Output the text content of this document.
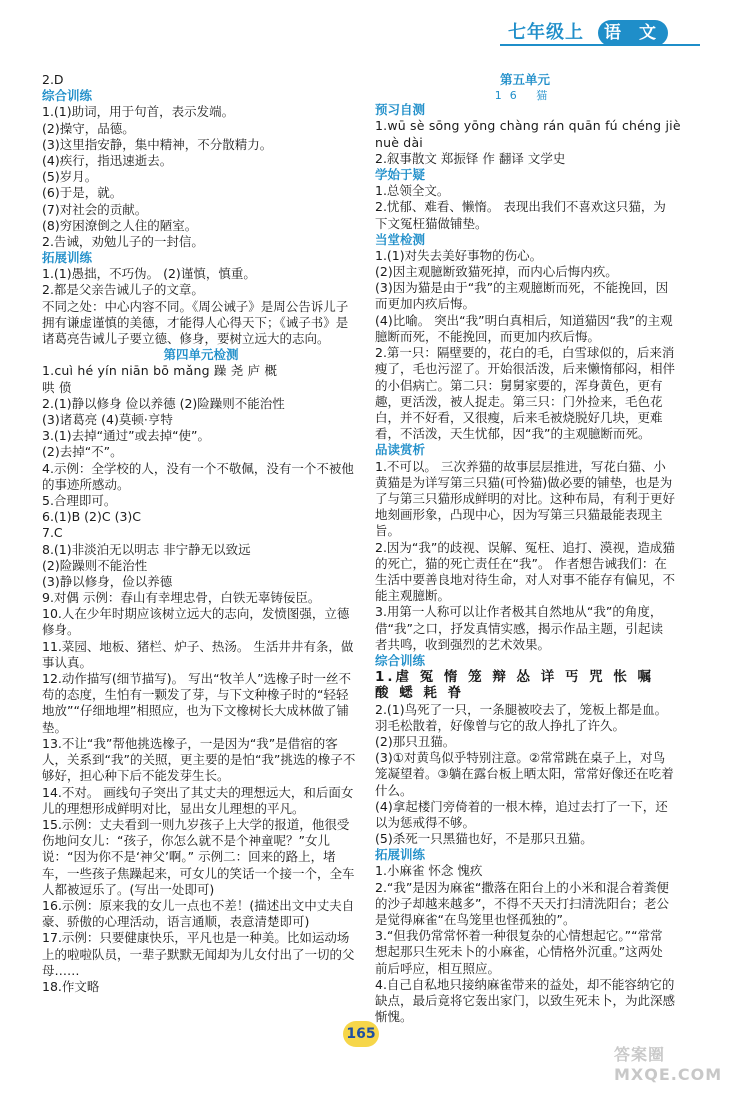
七年级上	语 文
2.D
综合训练
1.(1)助词，用于句首，表示发端。
(2)操守，品德。
(3)这里指安静，集中精神，不分散精力。
(4)疾行，指迅速逝去。
(5)岁月。
(6)于是，就。
(7)对社会的贡献。
(8)穷困潦倒之人住的陋室。
2.告诫，劝勉儿子的一封信。
拓展训练
1.(1)愚拙，不巧伪。 (2)谨慎，慎重。
2.都是父亲告诫儿子的文章。
不同之处：中心内容不同。《周公诫子》是周公告诉儿子拥有谦虚谨慎的美德，才能得人心得天下；《诫子书》是诸葛亮告诫儿子要立德、修身，要树立远大的志向。
第四单元检测
1.cuì hé yín niān bō mǎng 躁 尧 庐 概
哄 偾
2.(1)静以修身 俭以养德 (2)险躁则不能治性
(3)诸葛亮 (4)莫顿·亨特
3.(1)去掉“通过”或去掉“使”。
(2)去掉“不”。
4.示例：全学校的人，没有一个不敬佩，没有一个不被他的事迹所感动。
5.合理即可。
6.(1)B (2)C (3)C
7.C
8.(1)非淡泊无以明志 非宁静无以致远
(2)险躁则不能治性
(3)静以修身，俭以养德
9.对偶 示例：春山有幸埋忠骨，白铁无辜铸佞臣。
10.人在少年时期应该树立远大的志向，发愤图强，立德修身。
11.菜园、地板、猪栏、炉子、热汤。 生活井井有条，做事认真。
12.动作描写(细节描写)。 写出“牧羊人”选橡子时一丝不苟的态度，生怕有一颗发了芽，与下文种橡子时的“轻轻地放”“仔细地埋”相照应，也为下文橡树长大成林做了铺垫。
13.不让“我”帮他挑选橡子，一是因为“我”是借宿的客人，关系到“我”的关照，更主要的是怕“我”挑选的橡子不够好，担心种下后不能发芽生长。
14.不对。 画线句子突出了其丈夫的理想远大，和后面女儿的理想形成鲜明对比，显出女儿理想的平凡。
15.示例：丈夫看到一则九岁孩子上大学的报道，他很受伤地问女儿：“孩子，你怎么就不是个神童呢？”女儿说：“因为你不是‘神父’啊。” 示例二：回来的路上，堵车，一些孩子焦躁起来，可女儿的笑话一个接一个，全车人都被逗乐了。(写出一处即可)
16.示例：原来我的女儿一点也不差！(描述出文中丈夫自豪、骄傲的心理活动，语言通顺，表意清楚即可)
17.示例：只要健康快乐，平凡也是一种美。比如运动场上的啦啦队员，一辈子默默无闻却为儿女付出了一切的父母……
18.作文略
第五单元
16 猫
预习自测
1.wū sè sōng yōng chàng rán quān fú chéng jiè
nuè dài
2.叙事散文 郑振铎 作 翻译 文学史
学始于疑
1.总领全文。
2.忧郁、难看、懒惰。 表现出我们不喜欢这只猫，为下文冤枉猫做铺垫。
当堂检测
1.(1)对失去美好事物的伤心。
(2)因主观臆断致猫死掉，而内心后悔内疚。
(3)因为猫是由于“我”的主观臆断而死，不能挽回，因而更加内疚后悔。
(4)比喻。 突出“我”明白真相后，知道猫因“我”的主观臆断而死，不能挽回，而更加内疚后悔。
2.第一只：隔壁要的，花白的毛，白雪球似的，后来消瘦了，毛也污涩了。开始很活泼，后来懒惰郁闷，相伴的小侣病亡。第二只：舅舅家要的，浑身黄色，更有趣，更活泼，被人捉走。第三只：门外捡来，毛色花白，并不好看，又很瘦，后来毛被烧脱好几块，更难看，不活泼，天生忧郁，因“我”的主观臆断而死。
品读赏析
1.不可以。 三次养猫的故事层层推进，写花白猫、小黄猫是为详写第三只猫(可怜猫)做必要的铺垫，也是为了与第三只猫形成鲜明的对比。这种布局，有利于更好地刻画形象，凸现中心，因为写第三只猫最能表现主旨。
2.因为“我”的歧视、误解、冤枉、追打、漠视，造成猫的死亡，猫的死亡责任在“我”。 作者想告诫我们：在生活中要善良地对待生命，对人对事不能存有偏见，不能主观臆断。
3.用第一人称可以让作者极其自然地从“我”的角度，借“我”之口，抒发真情实感，揭示作品主题，引起读者共鸣，收到强烈的艺术效果。
综合训练
1.虐 冤 惰 笼 辩 怂 详 丐 咒 怅 嘱
酸 蟋 耗 脊
2.(1)鸟死了一只，一条腿被咬去了，笼板上都是血。羽毛松散着，好像曾与它的敌人挣扎了许久。
(2)那只丑猫。
(3)①对黄鸟似乎特别注意。②常常跳在桌子上，对鸟笼凝望着。③躺在露台板上晒太阳，常常好像还在吃着什么。
(4)拿起楼门旁倚着的一根木棒，追过去打了一下，还以为惩戒得不够。
(5)杀死一只黑猫也好，不是那只丑猫。
拓展训练
1.小麻雀 怀念 愧疚
2.“我”是因为麻雀“撒落在阳台上的小米和混合着粪便的沙子却越来越多”，不得不天天打扫清洗阳台；老公是觉得麻雀“在鸟笼里也怪孤独的”。
3.“但我仍常常怀着一种很复杂的心情想起它。”“常常想起那只生死未卜的小麻雀，心情格外沉重。”这两处前后呼应，相互照应。
4.自己自私地只接纳麻雀带来的益处，却不能容纳它的缺点，最后竟将它轰出家门，以致生死未卜，为此深感惭愧。
165
答案圈 MXQE.COM
